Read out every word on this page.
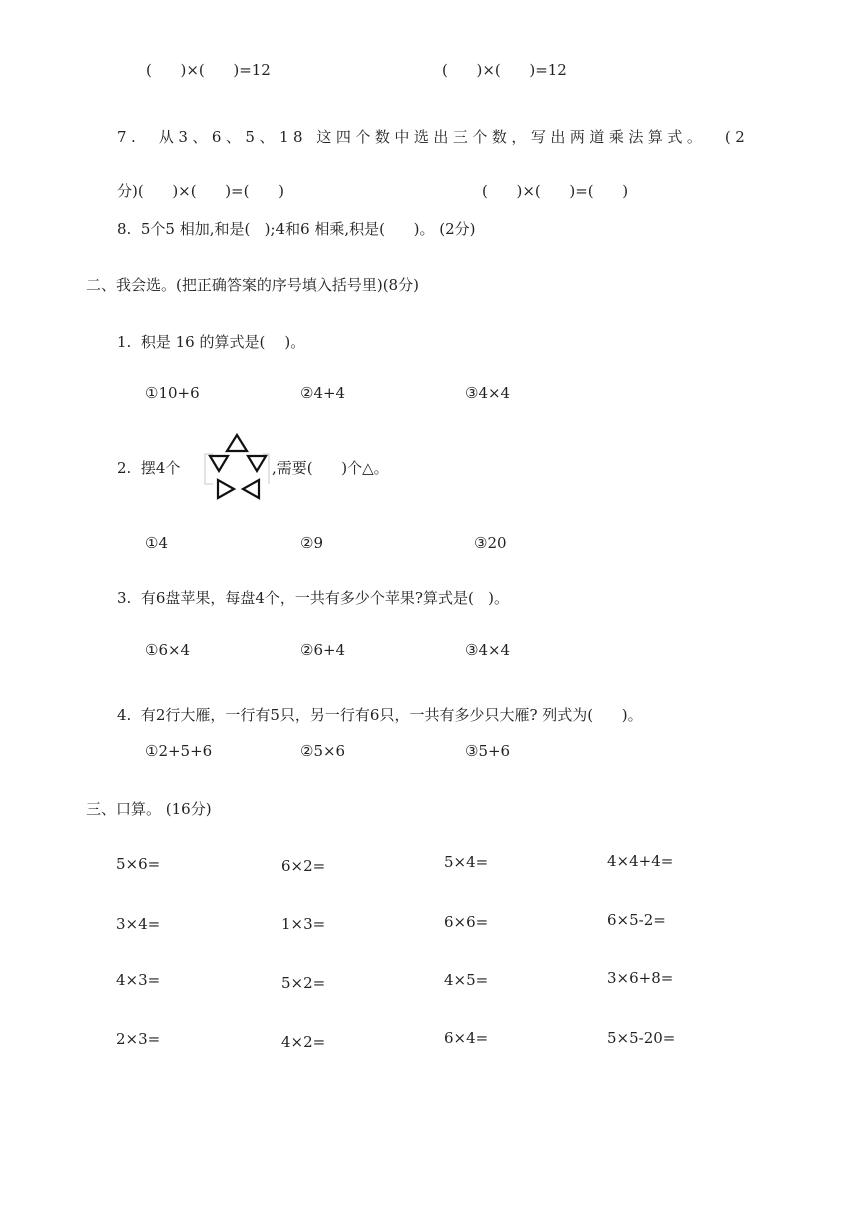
(      )×(      )=12	(      )×(      )=12
7.  从3、6、5、18 这四个数中选出三个数，写出两道乘法算式。  (2
分)(      )×(      )=(      )	(      )×(      )=(      )
8.  5个5 相加,和是(   );4和6 相乘,积是(      )。 (2分)
二、我会选。(把正确答案的序号填入括号里)(8分)
1.  积是 16 的算式是(    )。
①10+6	②4+4	③4×4
2.  摆4个	,需要(      )个△。
①4	②9	③20
3.  有6盘苹果，每盘4个，一共有多少个苹果?算式是(   )。
①6×4	②6+4	③4×4
4.  有2行大雁，一行有5只，另一行有6只，一共有多少只大雁? 列式为(      )。
①2+5+6	②5×6	③5+6
三、口算。 (16分)
5×6=	6×2=	5×4=	4×4+4=
3×4=	1×3=	6×6=	6×5-2=
4×3=	5×2=	4×5=	3×6+8=
2×3=	4×2=	6×4=	5×5-20=
